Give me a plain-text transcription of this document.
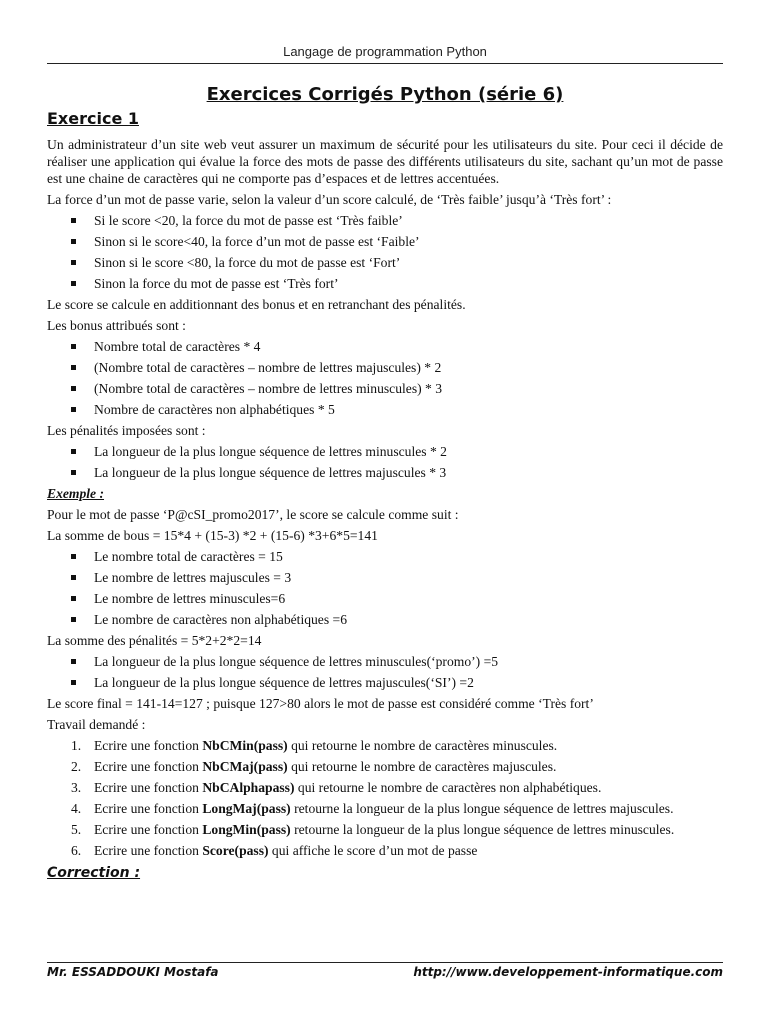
Langage de programmation Python
Exercices Corrigés Python (série 6)
Exercice 1

Un administrateur d’un site web veut assurer un maximum de sécurité pour les utilisateurs du site. Pour ceci il décide de réaliser une application qui évalue la force des mots de passe des différents utilisateurs du site, sachant qu’un mot de passe est une chaine de caractères qui ne comporte pas d’espaces et de lettres accentuées.

La force d’un mot de passe varie, selon la valeur d’un score calculé, de ‘Très faible’ jusqu’à ‘Très fort’ :

Si le score <20, la force du mot de passe est ‘Très faible’
Sinon si le score<40, la force d’un mot de passe est ‘Faible’
Sinon si le score <80, la force du mot de passe est ‘Fort’
Sinon la force du mot de passe est ‘Très fort’

Le score se calcule en additionnant des bonus et en retranchant des pénalités.

Les bonus attribués sont :

Nombre total de caractères * 4
(Nombre total de caractères – nombre de lettres majuscules) * 2
(Nombre total de caractères – nombre de lettres minuscules) * 3
Nombre de caractères non alphabétiques * 5

Les pénalités imposées sont :

La longueur de la plus longue séquence de lettres minuscules * 2
La longueur de la plus longue séquence de lettres majuscules * 3

Exemple :

Pour le mot de passe ‘P@cSI_promo2017’, le score se calcule comme suit :

La somme de bous = 15*4 + (15-3) *2 + (15-6) *3+6*5=141

Le nombre total de caractères = 15
Le nombre de lettres majuscules = 3
Le nombre de lettres minuscules=6
Le nombre de caractères non alphabétiques =6

La somme des pénalités = 5*2+2*2=14

La longueur de la plus longue séquence de lettres minuscules(‘promo’) =5
La longueur de la plus longue séquence de lettres majuscules(‘SI’) =2

Le score final = 141-14=127 ; puisque 127>80 alors le mot de passe est considéré comme ‘Très fort’

Travail demandé :

1. Ecrire une fonction NbCMin(pass) qui retourne le nombre de caractères minuscules.
2. Ecrire une fonction NbCMaj(pass) qui retourne le nombre de caractères majuscules.
3. Ecrire une fonction NbCAlphapass) qui retourne le nombre de caractères non alphabétiques.
4. Ecrire une fonction LongMaj(pass) retourne la longueur de la plus longue séquence de lettres majuscules.
5. Ecrire une fonction LongMin(pass) retourne la longueur de la plus longue séquence de lettres minuscules.
6. Ecrire une fonction Score(pass) qui affiche le score d’un mot de passe
Correction :
Mr. ESSADDOUKI Mostafa	http://www.developpement-informatique.com
